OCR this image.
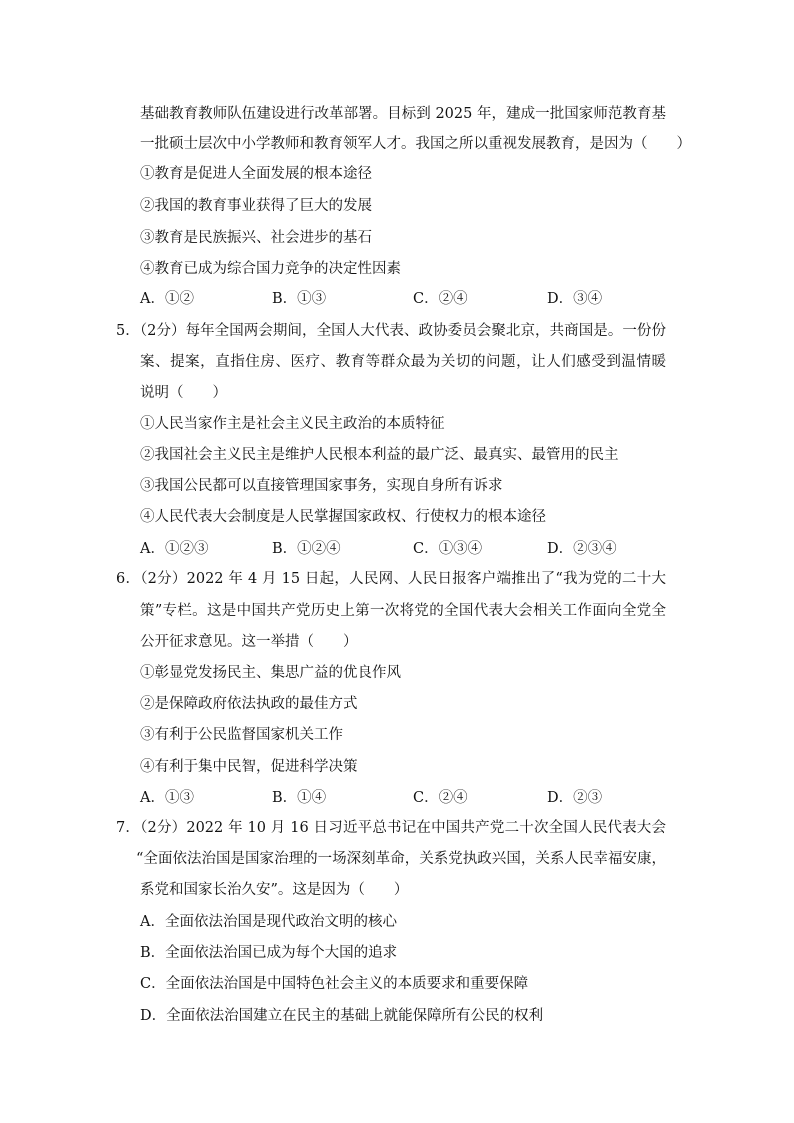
基础教育教师队伍建设进行改革部署。目标到 2025 年，建成一批国家师范教育基
一批硕士层次中小学教师和教育领军人才。我国之所以重视发展教育，是因为（　　）
①教育是促进人全面发展的根本途径
②我国的教育事业获得了巨大的发展
③教育是民族振兴、社会进步的基石
④教育已成为综合国力竞争的决定性因素
A．①②	B．①③	C．②④	D．③④
5．（2分）每年全国两会期间，全国人大代表、政协委员会聚北京，共商国是。一份份
案、提案，直指住房、医疗、教育等群众最为关切的问题，让人们感受到温情暖
说明（　　）
①人民当家作主是社会主义民主政治的本质特征
②我国社会主义民主是维护人民根本利益的最广泛、最真实、最管用的民主
③我国公民都可以直接管理国家事务，实现自身所有诉求
④人民代表大会制度是人民掌握国家政权、行使权力的根本途径
A．①②③	B．①②④	C．①③④	D．②③④
6．（2分）2022 年 4 月 15 日起，人民网、人民日报客户端推出了“我为党的二十大
策”专栏。这是中国共产党历史上第一次将党的全国代表大会相关工作面向全党全
公开征求意见。这一举措（　　）
①彰显党发扬民主、集思广益的优良作风
②是保障政府依法执政的最佳方式
③有利于公民监督国家机关工作
④有利于集中民智，促进科学决策
A．①③	B．①④	C．②④	D．②③
7．（2分）2022 年 10 月 16 日习近平总书记在中国共产党二十次全国人民代表大会
“全面依法治国是国家治理的一场深刻革命，关系党执政兴国，关系人民幸福安康，
系党和国家长治久安”。这是因为（　　）
A．全面依法治国是现代政治文明的核心
B．全面依法治国已成为每个大国的追求
C．全面依法治国是中国特色社会主义的本质要求和重要保障
D．全面依法治国建立在民主的基础上就能保障所有公民的权利
